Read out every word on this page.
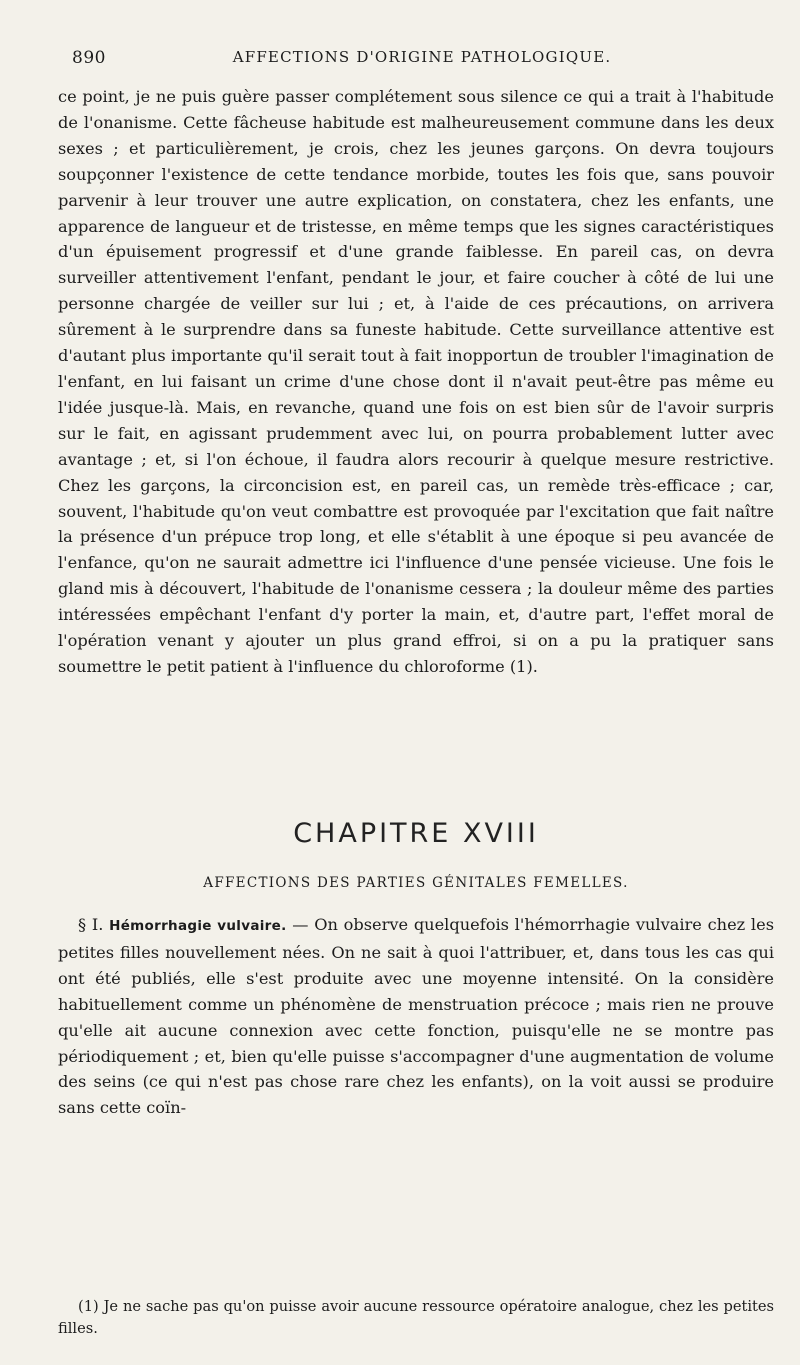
890	AFFECTIONS D'ORIGINE PATHOLOGIQUE.

ce point, je ne puis guère passer complétement sous silence ce qui a trait à l'habitude de l'onanisme. Cette fâcheuse habitude est malheureusement commune dans les deux sexes ; et particulièrement, je crois, chez les jeunes garçons. On devra toujours soupçonner l'existence de cette tendance morbide, toutes les fois que, sans pouvoir parvenir à leur trouver une autre explication, on constatera, chez les enfants, une apparence de langueur et de tristesse, en même temps que les signes caractéristiques d'un épuisement progressif et d'une grande faiblesse. En pareil cas, on devra surveiller attentivement l'enfant, pendant le jour, et faire coucher à côté de lui une personne chargée de veiller sur lui ; et, à l'aide de ces précautions, on arrivera sûrement à le surprendre dans sa funeste habitude. Cette surveillance attentive est d'autant plus importante qu'il serait tout à fait inopportun de troubler l'imagination de l'enfant, en lui faisant un crime d'une chose dont il n'avait peut-être pas même eu l'idée jusque-là. Mais, en revanche, quand une fois on est bien sûr de l'avoir surpris sur le fait, en agissant prudemment avec lui, on pourra probablement lutter avec avantage ; et, si l'on échoue, il faudra alors recourir à quelque mesure restrictive. Chez les garçons, la circoncision est, en pareil cas, un remède très-efficace ; car, souvent, l'habitude qu'on veut combattre est provoquée par l'excitation que fait naître la présence d'un prépuce trop long, et elle s'établit à une époque si peu avancée de l'enfance, qu'on ne saurait admettre ici l'influence d'une pensée vicieuse. Une fois le gland mis à découvert, l'habitude de l'onanisme cessera ; la douleur même des parties intéressées empêchant l'enfant d'y porter la main, et, d'autre part, l'effet moral de l'opération venant y ajouter un plus grand effroi, si on a pu la pratiquer sans soumettre le petit patient à l'influence du chloroforme (1).

CHAPITRE XVIII
AFFECTIONS DES PARTIES GÉNITALES FEMELLES.

§ I. Hémorrhagie vulvaire. — On observe quelquefois l'hémorrhagie vulvaire chez les petites filles nouvellement nées. On ne sait à quoi l'attribuer, et, dans tous les cas qui ont été publiés, elle s'est produite avec une moyenne intensité. On la considère habituellement comme un phénomène de menstruation précoce ; mais rien ne prouve qu'elle ait aucune connexion avec cette fonction, puisqu'elle ne se montre pas périodiquement ; et, bien qu'elle puisse s'accompagner d'une augmentation de volume des seins (ce qui n'est pas chose rare chez les enfants), on la voit aussi se produire sans cette coïn-

(1) Je ne sache pas qu'on puisse avoir aucune ressource opératoire analogue, chez les petites filles.
